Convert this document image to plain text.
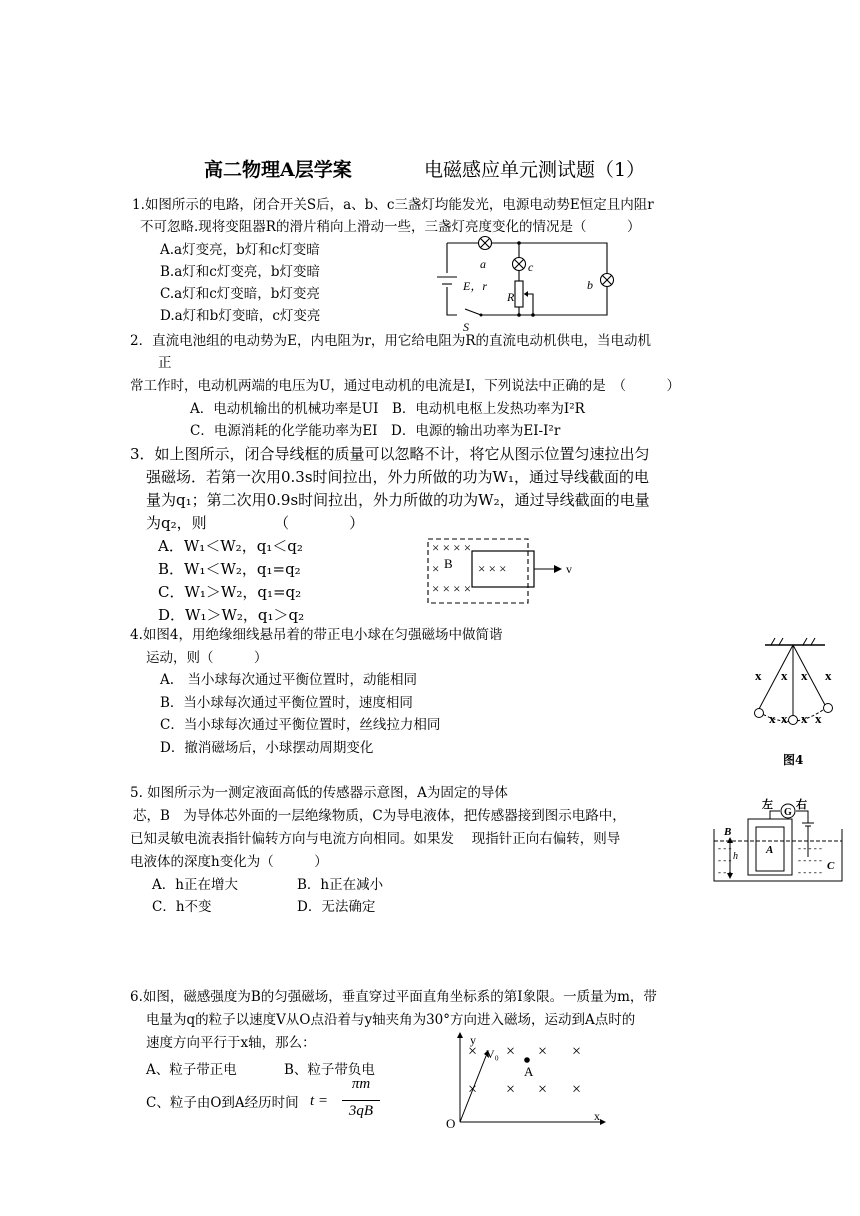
高二物理A层学案	电磁感应单元测试题（1）
1.如图所示的电路，闭合开关S后，a、b、c三盏灯均能发光，电源电动势E恒定且内阻r
不可忽略.现将变阻器R的滑片稍向上滑动一些，三盏灯亮度变化的情况是（　　　）
A.a灯变亮，b灯和c灯变暗
B.a灯和c灯变亮，b灯变暗
C.a灯和c灯变暗，b灯变亮
D.a灯和b灯变暗，c灯变亮
a	c
R
b
E，r
S
2．直流电池组的电动势为E，内电阻为r，用它给电阻为R的直流电动机供电，当电动机
正
常工作时，电动机两端的电压为U，通过电动机的电流是I，下列说法中正确的是　（　　　）
A．电动机输出的机械功率是UI　B．电动机电枢上发热功率为I²R
C．电源消耗的化学能功率为EI　D．电源的输出功率为EI-I²r
3．如上图所示，闭合导线框的质量可以忽略不计，将它从图示位置匀速拉出匀
强磁场．若第一次用0.3s时间拉出，外力所做的功为W₁，通过导线截面的电
量为q₁；第二次用0.9s时间拉出，外力所做的功为W₂，通过导线截面的电量
为q₂，则　　　　　（　　　　）
A．W₁＜W₂，q₁＜q₂
B．W₁＜W₂，q₁=q₂
C．W₁＞W₂，q₁=q₂
D．W₁＞W₂，q₁＞q₂
× × × ×
×	× × ×
× × × ×
B	v
4.如图4，用绝缘细线悬吊着的带正电小球在匀强磁场中做简谐
运动，则（　　　）
A.　当小球每次通过平衡位置时，动能相同
B．当小球每次通过平衡位置时，速度相同
C．当小球每次通过平衡位置时，丝线拉力相同
D．撤消磁场后，小球摆动周期变化
x x x x
x x x x
图4
5. 如图所示为一测定液面高低的传感器示意图，A为固定的导体
芯，B　为导体芯外面的一层绝缘物质，C为导电液体，把传感器接到图示电路中，
已知灵敏电流表指针偏转方向与电流方向相同。如果发　 现指针正向右偏转，则导
电液体的深度h变化为（　　　）
A．h正在增大	B．h正在减小
C．h不变	D．无法确定
- - -
- - -
- - -
- - - - -
- - - - -
- - - - -
左 右
G
A
B
C
h
6.如图，磁感强度为B的匀强磁场，垂直穿过平面直角坐标系的第I象限。一质量为m，带
电量为q的粒子以速度V从O点沿着与y轴夹角为30°方向进入磁场，运动到A点时的
速度方向平行于x轴，那么：
A、粒子带正电	B、粒子带负电
C、粒子由O到A经历时间 t =
πm
3qB
× × × ×
× × × ×
A
V₀
y
x
O
